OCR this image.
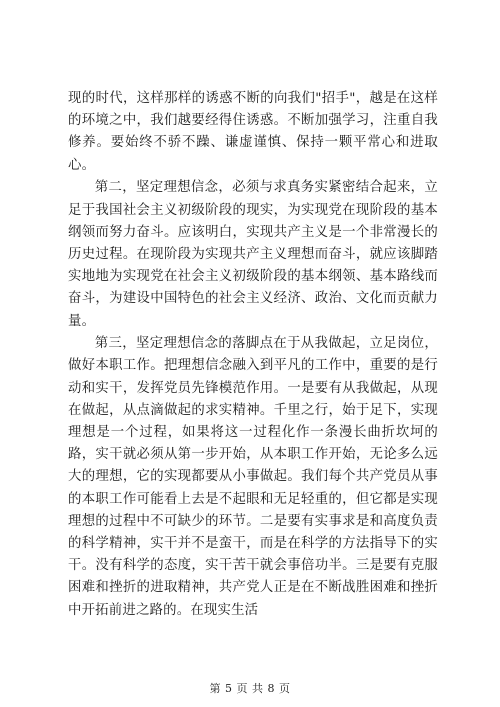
现的时代，这样那样的诱惑不断的向我们"招手"，越是在这样的环境之中，我们越要经得住诱惑。不断加强学习，注重自我修养。要始终不骄不躁、谦虚谨慎、保持一颗平常心和进取心。

第二，坚定理想信念，必须与求真务实紧密结合起来，立足于我国社会主义初级阶段的现实，为实现党在现阶段的基本纲领而努力奋斗。应该明白，实现共产主义是一个非常漫长的历史过程。在现阶段为实现共产主义理想而奋斗，就应该脚踏实地地为实现党在社会主义初级阶段的基本纲领、基本路线而奋斗，为建设中国特色的社会主义经济、政治、文化而贡献力量。

第三，坚定理想信念的落脚点在于从我做起，立足岗位，做好本职工作。把理想信念融入到平凡的工作中，重要的是行动和实干，发挥党员先锋模范作用。一是要有从我做起，从现在做起，从点滴做起的求实精神。千里之行，始于足下，实现理想是一个过程，如果将这一过程化作一条漫长曲折坎坷的路，实干就必须从第一步开始，从本职工作开始，无论多么远大的理想，它的实现都要从小事做起。我们每个共产党员从事的本职工作可能看上去是不起眼和无足轻重的，但它都是实现理想的过程中不可缺少的环节。二是要有实事求是和高度负责的科学精神，实干并不是蛮干，而是在科学的方法指导下的实干。没有科学的态度，实干苦干就会事倍功半。三是要有克服困难和挫折的进取精神，共产党人正是在不断战胜困难和挫折中开拓前进之路的。在现实生活

第 5 页 共 8 页
